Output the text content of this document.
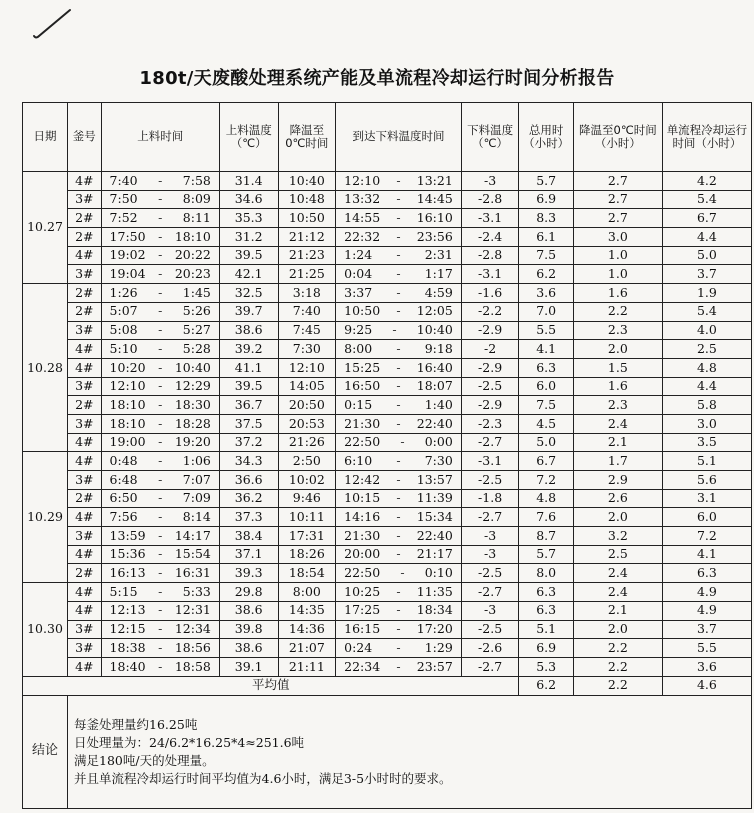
180t/天废酸处理系统产能及单流程冷却运行时间分析报告
日期	釜号	上料时间	上料温度（℃）	降温至0℃时间	到达下料温度时间	下料温度（℃）	总用时（小时）	降温至0℃时间（小时）	单流程冷却运行时间（小时）
10.27	4#	7:40 - 7:58	31.4	10:40	12:10 - 13:21	-3	5.7	2.7	4.2
	3#	7:50 - 8:09	34.6	10:48	13:32 - 14:45	-2.8	6.9	2.7	5.4
	2#	7:52 - 8:11	35.3	10:50	14:55 - 16:10	-3.1	8.3	2.7	6.7
	2#	17:50 - 18:10	31.2	21:12	22:32 - 23:56	-2.4	6.1	3.0	4.4
	4#	19:02 - 20:22	39.5	21:23	1:24 - 2:31	-2.8	7.5	1.0	5.0
	3#	19:04 - 20:23	42.1	21:25	0:04 - 1:17	-3.1	6.2	1.0	3.7
10.28	2#	1:26 - 1:45	32.5	3:18	3:37 - 4:59	-1.6	3.6	1.6	1.9
	2#	5:07 - 5:26	39.7	7:40	10:50 - 12:05	-2.2	7.0	2.2	5.4
	3#	5:08 - 5:27	38.6	7:45	9:25 - 10:40	-2.9	5.5	2.3	4.0
	4#	5:10 - 5:28	39.2	7:30	8:00 - 9:18	-2	4.1	2.0	2.5
	4#	10:20 - 10:40	41.1	12:10	15:25 - 16:40	-2.9	6.3	1.5	4.8
	3#	12:10 - 12:29	39.5	14:05	16:50 - 18:07	-2.5	6.0	1.6	4.4
	2#	18:10 - 18:30	36.7	20:50	0:15 - 1:40	-2.9	7.5	2.3	5.8
	3#	18:10 - 18:28	37.5	20:53	21:30 - 22:40	-2.3	4.5	2.4	3.0
	4#	19:00 - 19:20	37.2	21:26	22:50 - 0:00	-2.7	5.0	2.1	3.5
10.29	4#	0:48 - 1:06	34.3	2:50	6:10 - 7:30	-3.1	6.7	1.7	5.1
	3#	6:48 - 7:07	36.6	10:02	12:42 - 13:57	-2.5	7.2	2.9	5.6
	2#	6:50 - 7:09	36.2	9:46	10:15 - 11:39	-1.8	4.8	2.6	3.1
	4#	7:56 - 8:14	37.3	10:11	14:16 - 15:34	-2.7	7.6	2.0	6.0
	3#	13:59 - 14:17	38.4	17:31	21:30 - 22:40	-3	8.7	3.2	7.2
	4#	15:36 - 15:54	37.1	18:26	20:00 - 21:17	-3	5.7	2.5	4.1
	2#	16:13 - 16:31	39.3	18:54	22:50 - 0:10	-2.5	8.0	2.4	6.3
10.30	4#	5:15 - 5:33	29.8	8:00	10:25 - 11:35	-2.7	6.3	2.4	4.9
	4#	12:13 - 12:31	38.6	14:35	17:25 - 18:34	-3	6.3	2.1	4.9
	3#	12:15 - 12:34	39.8	14:36	16:15 - 17:20	-2.5	5.1	2.0	3.7
	3#	18:38 - 18:56	38.6	21:07	0:24 - 1:29	-2.6	6.9	2.2	5.5
	4#	18:40 - 18:58	39.1	21:11	22:34 - 23:57	-2.7	5.3	2.2	3.6
平均值							6.2	2.2	4.6
结论	每釜处理量约16.25吨
日处理量为：24/6.2*16.25*4≈251.6吨
满足180吨/天的处理量。
并且单流程冷却运行时间平均值为4.6小时，满足3-5小时时的要求。								
